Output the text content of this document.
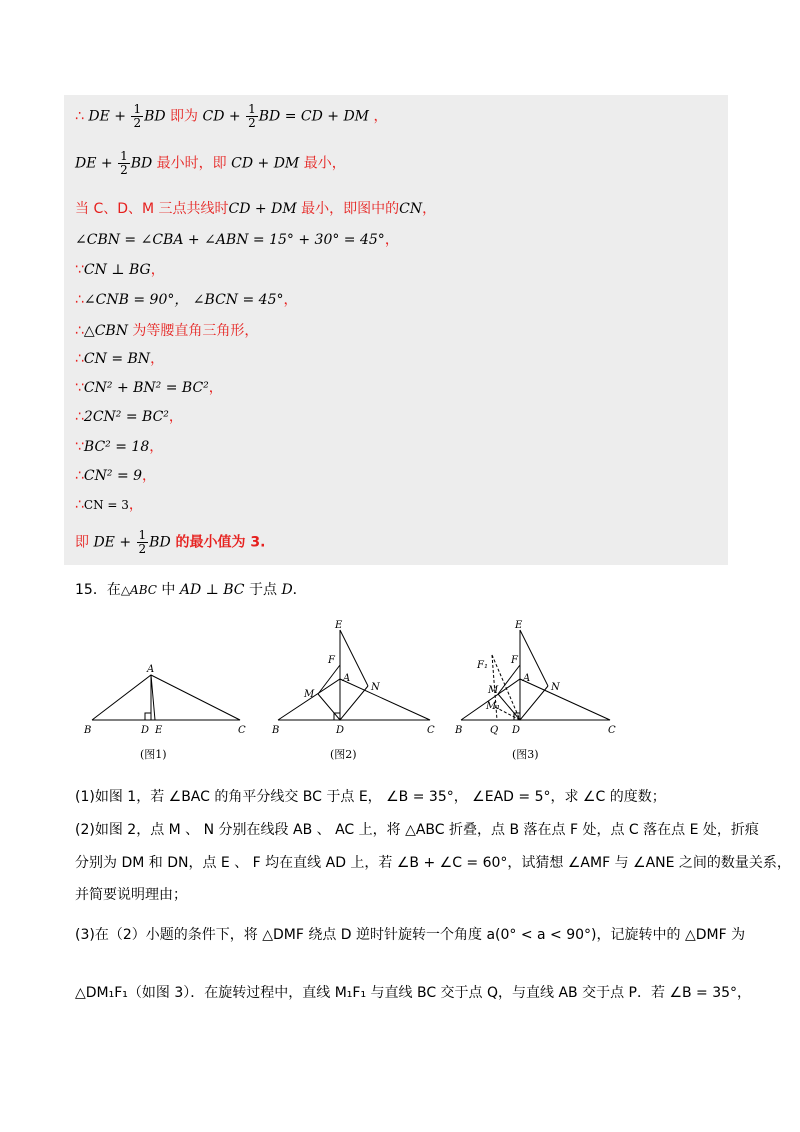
∴ DE + $\frac{1}{2}$ BD 即为 CD + $\frac{1}{2}$ BD = CD + DM ，
DE + $\frac{1}{2}$ BD 最小时，即 CD + DM 最小，
当 C、D、M 三点共线时CD + DM 最小，即图中的CN，
∠CBN = ∠CBA + ∠ABN = 15° + 30° = 45°，
∵CN ⊥ BG，
∴∠CNB = 90°， ∠BCN = 45°，
∴△CBN 为等腰直角三角形，
∴CN = BN，
∵CN² + BN² = BC²，
∴2CN² = BC²，
∵BC² = 18，
∴CN² = 9，
∴CN = 3，
即 DE + $\frac{1}{2}$ BD 的最小值为 3.
15．在△ABC 中 AD ⊥ BC 于点 D．
A
B	C
D E
E
F
A
M
N
B	D	C
E
F₁ F
A
M
M₁
N
B	Q D	C
(图1)	(图2)	(图3)
(1)如图 1，若 ∠BAC 的角平分线交 BC 于点 E， ∠B = 35°， ∠EAD = 5°，求 ∠C 的度数；
(2)如图 2，点 M 、 N 分别在线段 AB 、 AC 上，将 △ABC 折叠，点 B 落在点 F 处，点 C 落在点 E 处，折痕
分别为 DM 和 DN，点 E 、 F 均在直线 AD 上，若 ∠B + ∠C = 60°，试猜想 ∠AMF 与 ∠ANE 之间的数量关系，
并简要说明理由；
(3)在（2）小题的条件下，将 △DMF 绕点 D 逆时针旋转一个角度 a(0° < a < 90°)，记旋转中的 △DMF 为
△DM₁F₁（如图 3）．在旋转过程中，直线 M₁F₁ 与直线 BC 交于点 Q，与直线 AB 交于点 P．若 ∠B = 35°，
